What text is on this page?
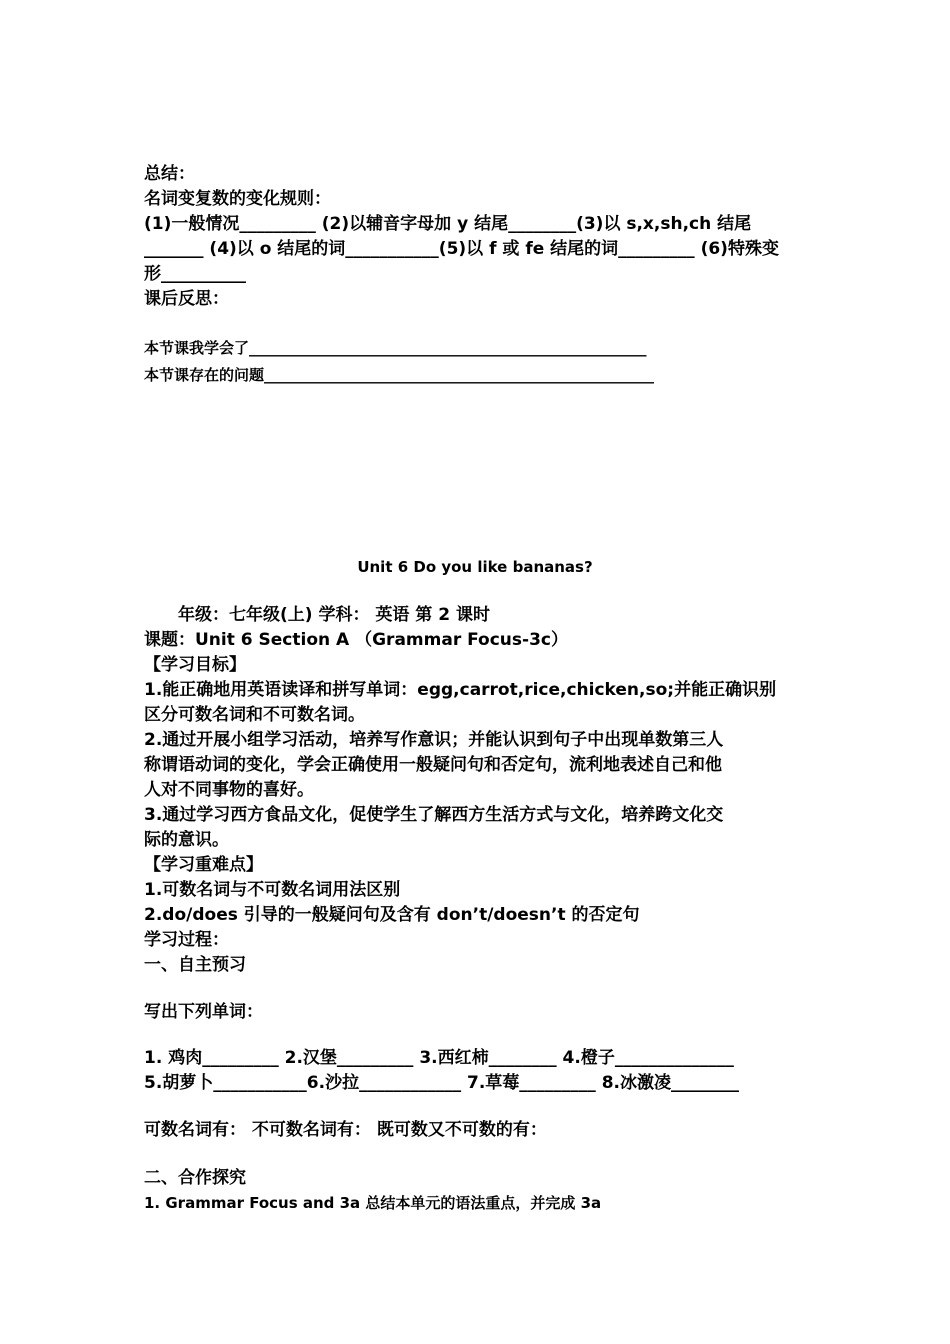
总结：
名词变复数的变化规则：
(1)一般情况_________ (2)以辅音字母加 y 结尾________(3)以 s,x,sh,ch 结尾
_______ (4)以 o 结尾的词___________(5)以 f 或 fe 结尾的词_________ (6)特殊变
形__________
课后反思：
本节课我学会了_____________________________________________________
本节课存在的问题____________________________________________________
Unit 6 Do you like bananas?
年级：七年级(上) 学科： 英语 第 2 课时
课题：Unit 6 Section A （Grammar Focus-3c）
【学习目标】
1.能正确地用英语读译和拼写单词：egg,carrot,rice,chicken,so;并能正确识别
区分可数名词和不可数名词。
2.通过开展小组学习活动，培养写作意识；并能认识到句子中出现单数第三人
称谓语动词的变化，学会正确使用一般疑问句和否定句，流利地表述自己和他
人对不同事物的喜好。
3.通过学习西方食品文化，促使学生了解西方生活方式与文化，培养跨文化交
际的意识。
【学习重难点】
1.可数名词与不可数名词用法区别
2.do/does 引导的一般疑问句及含有 don’t/doesn’t 的否定句
学习过程：
一、自主预习
写出下列单词：
1. 鸡肉_________ 2.汉堡_________ 3.西红柿________ 4.橙子______________
5.胡萝卜___________6.沙拉____________ 7.草莓_________ 8.冰激凌________
可数名词有： 不可数名词有： 既可数又不可数的有：
二、合作探究
1. Grammar Focus and 3a 总结本单元的语法重点，并完成 3a
